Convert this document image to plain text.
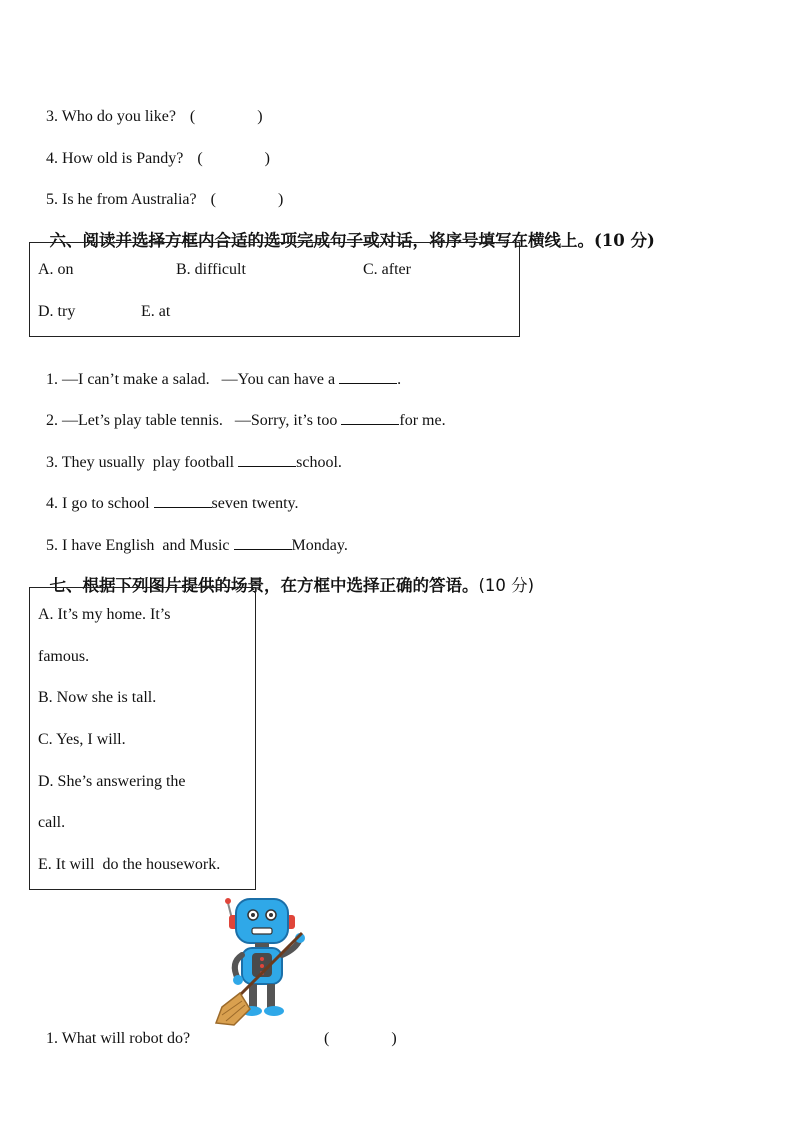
3. Who do you like? (	)

4. How old is Pandy? (	)

5. Is he from Australia? (	)

六、阅读并选择方框内合适的选项完成句子或对话，将序号填写在横线上。(10 分)

A. on	B. difficult	C. after
D. try	E. at

1. —I can’t make a salad.   —You can have a	.

2. —Let’s play table tennis.   —Sorry, it’s too	for me.

3. They usually  play football	school.

4. I go to school	seven twenty.

5. I have English  and Music	Monday.

七、根据下列图片提供的场景，在方框中选择正确的答语。(10 分)

A. It’s my home. It’s
famous.
B. Now she is tall.
C. Yes, I will.
D. She’s answering the
call.
E. It will  do the housework.

1. What will robot do?	(	)
